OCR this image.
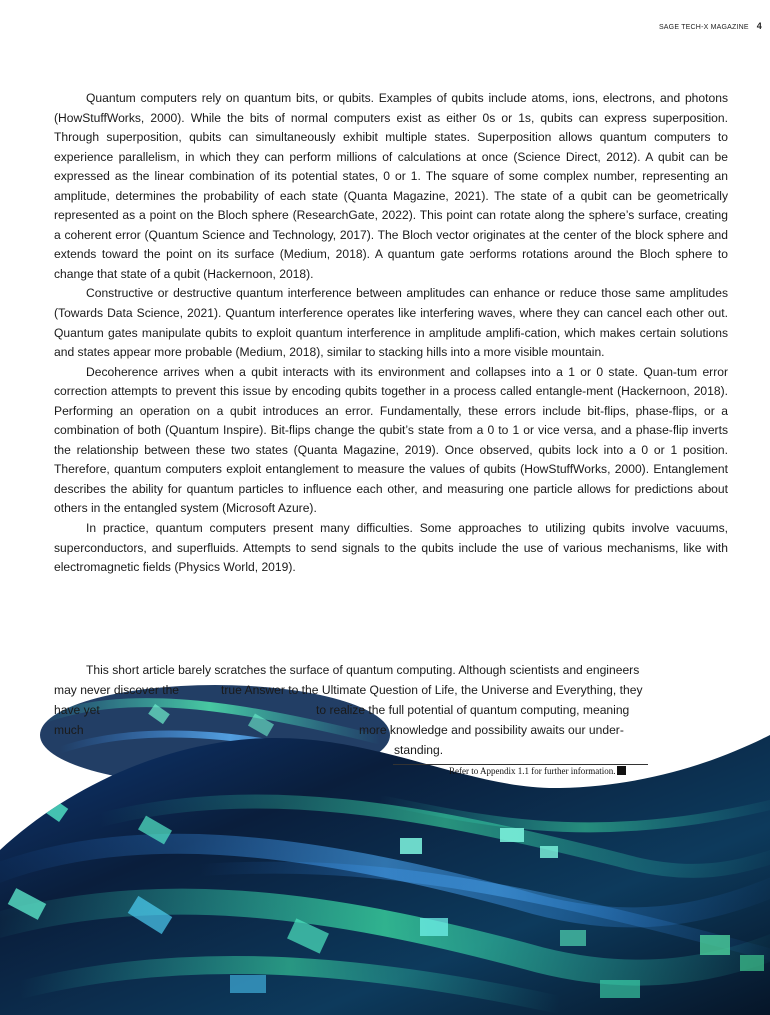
SAGE TECH-X MAGAZINE 4

Quantum computers rely on quantum bits, or qubits. Examples of qubits include atoms, ions, electrons, and photons (HowStuffWorks, 2000). While the bits of normal computers exist as either 0s or 1s, qubits can express superposition. Through superposition, qubits can simultaneously exhibit multiple states. Superposition allows quantum computers to experience parallelism, in which they can perform millions of calculations at once (Science Direct, 2012). A qubit can be expressed as the linear combination of its potential states, 0 or 1. The square of some complex number, representing an amplitude, determines the probability of each state (Quanta Magazine, 2021). The state of a qubit can be geometrically represented as a point on the Bloch sphere (ResearchGate, 2022). This point can rotate along the sphere’s surface, creating a coherent error (Quantum Science and Technology, 2017). The Bloch vector originates at the center of the block sphere and extends toward the point on its surface (Medium, 2018). A quantum gate ɔerforms rotations around the Bloch sphere to change that state of a qubit (Hackernoon, 2018).

Constructive or destructive quantum interference between amplitudes can enhance or reduce those same amplitudes (Towards Data Science, 2021). Quantum interference operates like interfering waves, where they can cancel each other out. Quantum gates manipulate qubits to exploit quantum interference in amplitude amplifi-cation, which makes certain solutions and states appear more probable (Medium, 2018), similar to stacking hills into a more visible mountain.

Decoherence arrives when a qubit interacts with its environment and collapses into a 1 or 0 state. Quan-tum error correction attempts to prevent this issue by encoding qubits together in a process called entangle-ment (Hackernoon, 2018). Performing an operation on a qubit introduces an error. Fundamentally, these errors include bit-flips, phase-flips, or a combination of both (Quantum Inspire). Bit-flips change the qubit’s state from a 0 to 1 or vice versa, and a phase-flip inverts the relationship between these two states (Quanta Magazine, 2019). Once observed, qubits lock into a 0 or 1 position. Therefore, quantum computers exploit entanglement to measure the values of qubits (HowStuffWorks, 2000). Entanglement describes the ability for quantum particles to influence each other, and measuring one particle allows for predictions about others in the entangled system (Microsoft Azure).

In practice, quantum computers present many difficulties. Some approaches to utilizing qubits involve vacuums, superconductors, and superfluids. Attempts to send signals to the qubits include the use of various mechanisms, like with electromagnetic fields (Physics World, 2019).

This short article barely scratches the surface of quantum computing. Although scientists and engineers
may never discover the	true Answer to the Ultimate Question of Life, the Universe and Everything, they
have yet	to realize the full potential of quantum computing, meaning
much	more knowledge and possibility awaits our under-
standing.
Refer to Appendix 1.1 for further information.
